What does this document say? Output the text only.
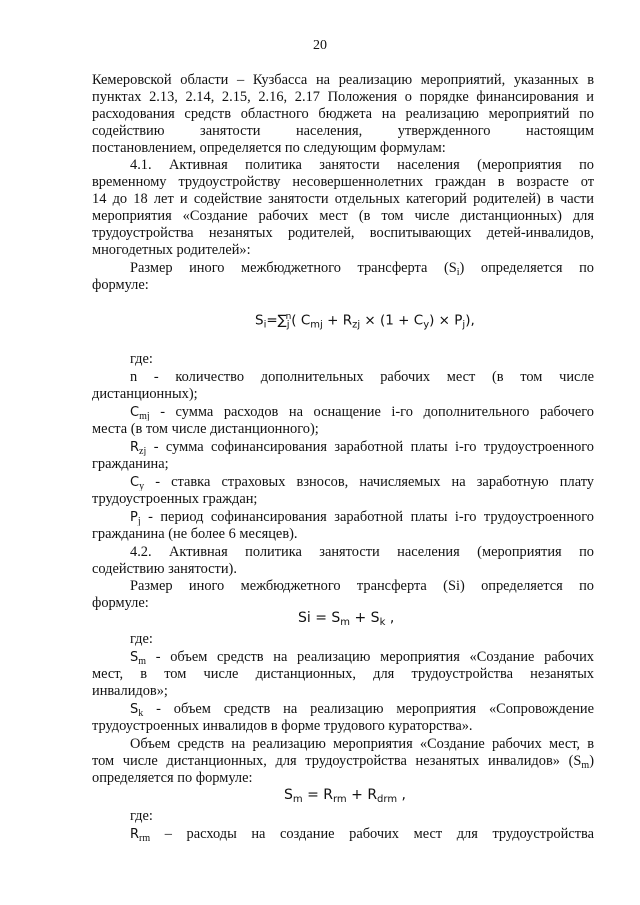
20
Кемеровской области – Кузбасса на реализацию мероприятий, указанных в
пунктах 2.13, 2.14, 2.15, 2.16, 2.17 Положения о порядке финансирования и
расходования средств областного бюджета на реализацию мероприятий по
содействию занятости населения, утвержденного настоящим
постановлением, определяется по следующим формулам:
4.1. Активная политика занятости населения (мероприятия по
временному трудоустройству несовершеннолетних граждан в возрасте от
14 до 18 лет и содействие занятости отдельных категорий родителей) в части
мероприятия «Создание рабочих мест (в том числе дистанционных) для
трудоустройства незанятых родителей, воспитывающих детей-инвалидов,
многодетных родителей»:
Размер иного межбюджетного трансферта $(S_i)$ определяется по
формуле:
$S_i=\sum_j^n$( $C_{mj} + R_{zj} \times (1 + C_y) \times P_j$),
где:
n - количество дополнительных рабочих мест (в том числе
дистанционных);
$C_{mj}$ - сумма расходов на оснащение i-го дополнительного рабочего
места (в том числе дистанционного);
$R_{zj}$ - сумма софинансирования заработной платы i-го трудоустроенного
гражданина;
$C_y$ - ставка страховых взносов, начисляемых на заработную плату
трудоустроенных граждан;
$P_j$ - период софинансирования заработной платы i-го трудоустроенного
гражданина (не более 6 месяцев).
4.2. Активная политика занятости населения (мероприятия по
содействию занятости).
Размер иного межбюджетного трансферта (Si) определяется по
формуле:
$Si = S_m + S_k$ ,
где:
$S_m$ - объем средств на реализацию мероприятия «Создание рабочих
мест, в том числе дистанционных, для трудоустройства незанятых
инвалидов»;
$S_k$ - объем средств на реализацию мероприятия «Сопровождение
трудоустроенных инвалидов в форме трудового кураторства».
Объем средств на реализацию мероприятия «Создание рабочих мест, в
том числе дистанционных, для трудоустройства незанятых инвалидов» $(S_m)$
определяется по формуле:
$S_m = R_{rm} + R_{drm}$ ,
где:
$R_{rm}$ – расходы на создание рабочих мест для трудоустройства
